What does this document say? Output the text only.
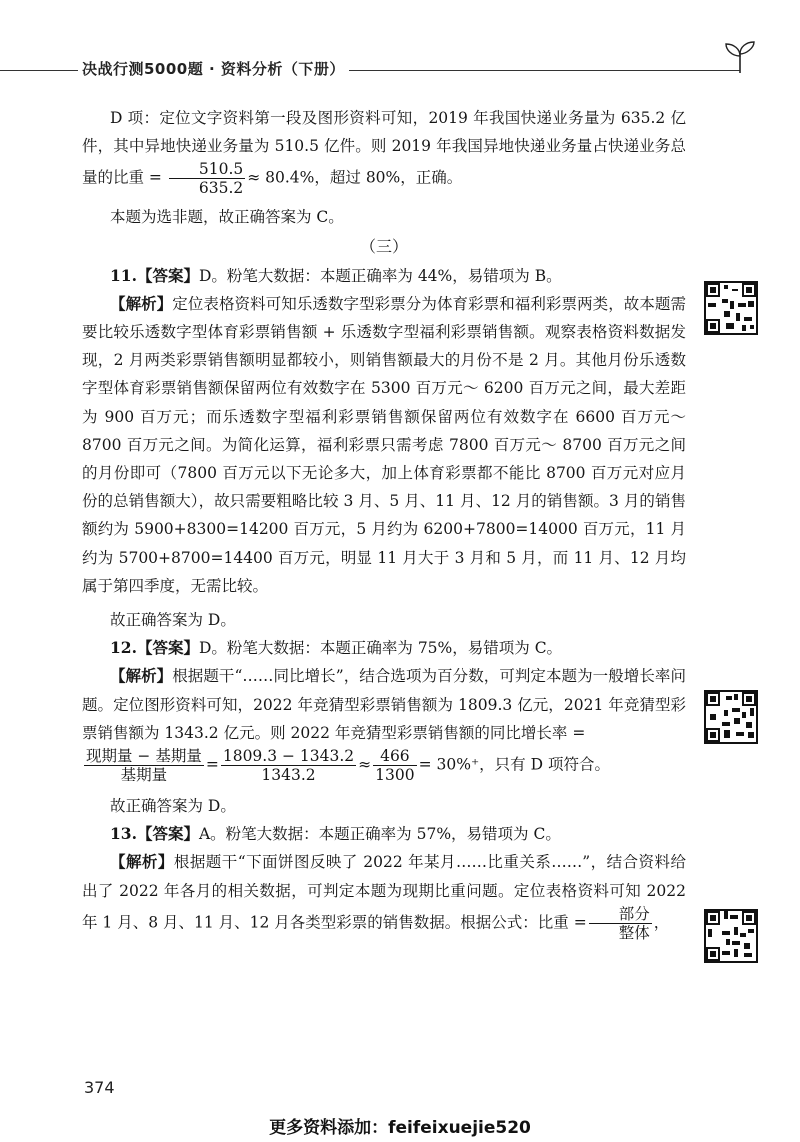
决战行测5000题 · 资料分析（下册）

D 项：定位文字资料第一段及图形资料可知，2019 年我国快递业务量为 635.2 亿件，其中异地快递业务量为 510.5 亿件。则 2019 年我国异地快递业务量占快递业务总量的比重 = $\frac{510.5}{635.2} \approx 80.4\%$，超过 80%，正确。

本题为选非题，故正确答案为 C。

（三）

11.【答案】D。粉笔大数据：本题正确率为 44%，易错项为 B。

【解析】定位表格资料可知乐透数字型彩票分为体育彩票和福利彩票两类，故本题需要比较乐透数字型体育彩票销售额 + 乐透数字型福利彩票销售额。观察表格资料数据发现，2 月两类彩票销售额明显都较小，则销售额最大的月份不是 2 月。其他月份乐透数字型体育彩票销售额保留两位有效数字在 5300 百万元～ 6200 百万元之间，最大差距为 900 百万元；而乐透数字型福利彩票销售额保留两位有效数字在 6600 百万元～ 8700 百万元之间。为简化运算，福利彩票只需考虑 7800 百万元～ 8700 百万元之间的月份即可（7800 百万元以下无论多大，加上体育彩票都不能比 8700 百万元对应月份的总销售额大），故只需要粗略比较 3 月、5 月、11 月、12 月的销售额。3 月的销售额约为 5900+8300=14200 百万元，5 月约为 6200+7800=14000 百万元，11 月约为 5700+8700=14400 百万元，明显 11 月大于 3 月和 5 月，而 11 月、12 月均属于第四季度，无需比较。

故正确答案为 D。

12.【答案】D。粉笔大数据：本题正确率为 75%，易错项为 C。

【解析】根据题干“……同比增长”，结合选项为百分数，可判定本题为一般增长率问题。定位图形资料可知，2022 年竞猜型彩票销售额为 1809.3 亿元，2021 年竞猜型彩票销售额为 1343.2 亿元。则 2022 年竞猜型彩票销售额的同比增长率 =

$\frac{\text{现期量 − 基期量}}{\text{基期量}} = \frac{1809.3 - 1343.2}{1343.2} \approx \frac{466}{1300} = 30\%^+$，只有 D 项符合。

故正确答案为 D。

13.【答案】A。粉笔大数据：本题正确率为 57%，易错项为 C。

【解析】根据题干“下面饼图反映了 2022 年某月……比重关系……”，结合资料给出了 2022 年各月的相关数据，可判定本题为现期比重问题。定位表格资料可知 2022 年 1 月、8 月、11 月、12 月各类型彩票的销售数据。根据公式：比重 = $\frac{\text{部分}}{\text{整体}}$ ，

374
更多资料添加：feifeixuejie520
